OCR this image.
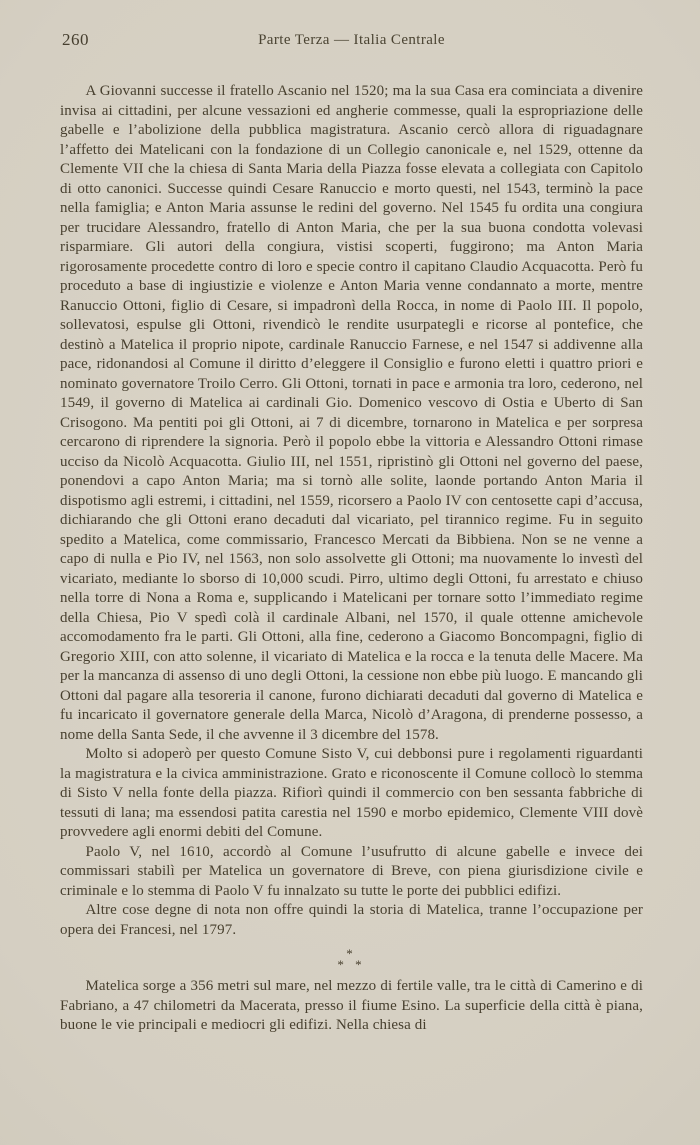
260	Parte Terza — Italia Centrale

A Giovanni successe il fratello Ascanio nel 1520; ma la sua Casa era cominciata a divenire invisa ai cittadini, per alcune vessazioni ed angherie commesse, quali la espropriazione delle gabelle e l’abolizione della pubblica magistratura. Ascanio cercò allora di riguadagnare l’affetto dei Matelicani con la fondazione di un Collegio canonicale e, nel 1529, ottenne da Clemente VII che la chiesa di Santa Maria della Piazza fosse elevata a collegiata con Capitolo di otto canonici. Successe quindi Cesare Ranuccio e morto questi, nel 1543, terminò la pace nella famiglia; e Anton Maria assunse le redini del governo. Nel 1545 fu ordita una congiura per trucidare Alessandro, fratello di Anton Maria, che per la sua buona condotta volevasi risparmiare. Gli autori della congiura, vistisi scoperti, fuggirono; ma Anton Maria rigorosamente procedette contro di loro e specie contro il capitano Claudio Acquacotta. Però fu proceduto a base di ingiustizie e violenze e Anton Maria venne condannato a morte, mentre Ranuccio Ottoni, figlio di Cesare, si impadronì della Rocca, in nome di Paolo III. Il popolo, sollevatosi, espulse gli Ottoni, rivendicò le rendite usurpategli e ricorse al pontefice, che destinò a Matelica il proprio nipote, cardinale Ranuccio Farnese, e nel 1547 si addivenne alla pace, ridonandosi al Comune il diritto d’eleggere il Consiglio e furono eletti i quattro priori e nominato governatore Troilo Cerro. Gli Ottoni, tornati in pace e armonia tra loro, cederono, nel 1549, il governo di Matelica ai cardinali Gio. Domenico vescovo di Ostia e Uberto di San Crisogono. Ma pentiti poi gli Ottoni, ai 7 di dicembre, tornarono in Matelica e per sorpresa cercarono di riprendere la signoria. Però il popolo ebbe la vittoria e Alessandro Ottoni rimase ucciso da Nicolò Acquacotta. Giulio III, nel 1551, ripristinò gli Ottoni nel governo del paese, ponendovi a capo Anton Maria; ma si tornò alle solite, laonde portando Anton Maria il dispotismo agli estremi, i cittadini, nel 1559, ricorsero a Paolo IV con centosette capi d’accusa, dichiarando che gli Ottoni erano decaduti dal vicariato, pel tirannico regime. Fu in seguito spedito a Matelica, come commissario, Francesco Mercati da Bibbiena. Non se ne venne a capo di nulla e Pio IV, nel 1563, non solo assolvette gli Ottoni; ma nuovamente lo investì del vicariato, mediante lo sborso di 10,000 scudi. Pirro, ultimo degli Ottoni, fu arrestato e chiuso nella torre di Nona a Roma e, supplicando i Matelicani per tornare sotto l’immediato regime della Chiesa, Pio V spedì colà il cardinale Albani, nel 1570, il quale ottenne amichevole accomodamento fra le parti. Gli Ottoni, alla fine, cederono a Giacomo Boncompagni, figlio di Gregorio XIII, con atto solenne, il vicariato di Matelica e la rocca e la tenuta delle Macere. Ma per la mancanza di assenso di uno degli Ottoni, la cessione non ebbe più luogo. E mancando gli Ottoni dal pagare alla tesoreria il canone, furono dichiarati decaduti dal governo di Matelica e fu incaricato il governatore generale della Marca, Nicolò d’Aragona, di prenderne possesso, a nome della Santa Sede, il che avvenne il 3 dicembre del 1578.

Molto si adoperò per questo Comune Sisto V, cui debbonsi pure i regolamenti riguardanti la magistratura e la civica amministrazione. Grato e riconoscente il Comune collocò lo stemma di Sisto V nella fonte della piazza. Rifiorì quindi il commercio con ben sessanta fabbriche di tessuti di lana; ma essendosi patita carestia nel 1590 e morbo epidemico, Clemente VIII dovè provvedere agli enormi debiti del Comune.

Paolo V, nel 1610, accordò al Comune l’usufrutto di alcune gabelle e invece dei commissari stabilì per Matelica un governatore di Breve, con piena giurisdizione civile e criminale e lo stemma di Paolo V fu innalzato su tutte le porte dei pubblici edifizi.

Altre cose degne di nota non offre quindi la storia di Matelica, tranne l’occupazione per opera dei Francesi, nel 1797.

*
* *

Matelica sorge a 356 metri sul mare, nel mezzo di fertile valle, tra le città di Camerino e di Fabriano, a 47 chilometri da Macerata, presso il fiume Esino. La superficie della città è piana, buone le vie principali e mediocri gli edifizi. Nella chiesa di
